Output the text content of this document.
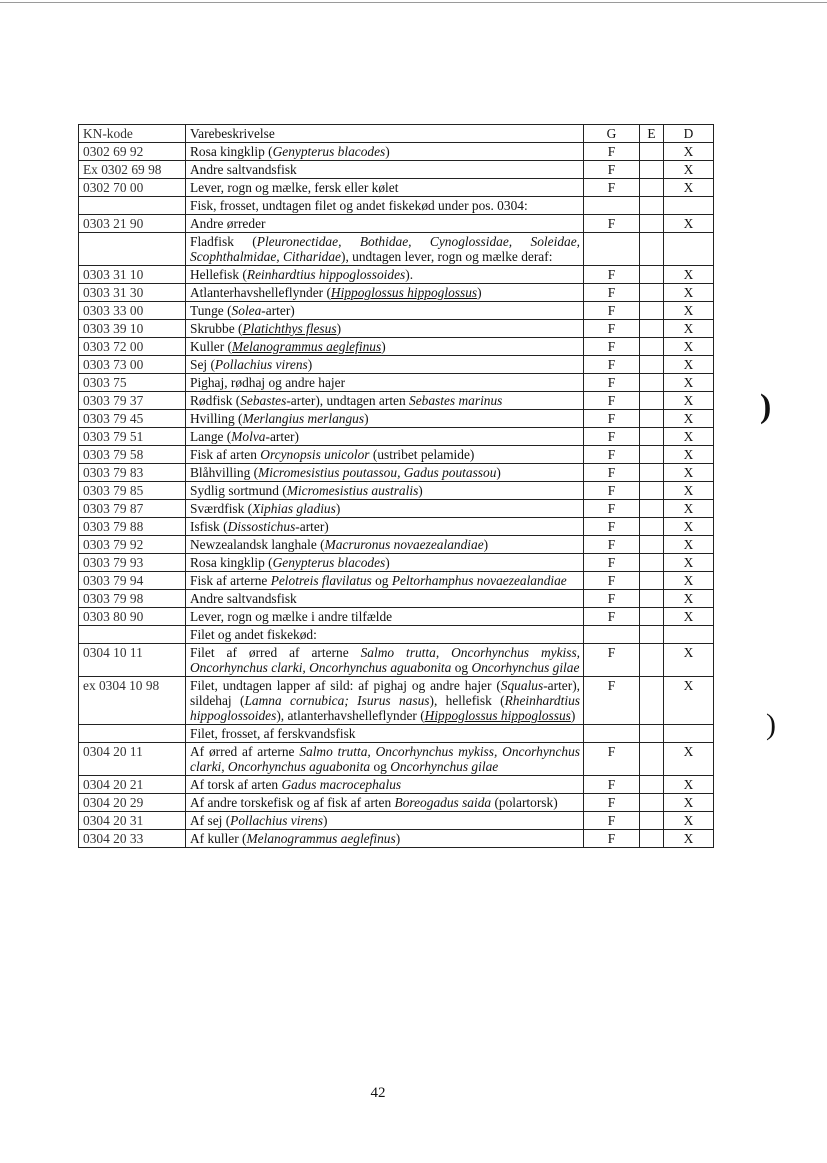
KN-kode	Varebeskrivelse	G	E	D
0302 69 92	Rosa kingklip (Genypterus blacodes)	F		X
Ex 0302 69 98	Andre saltvandsfisk	F		X
0302 70 00	Lever, rogn og mælke, fersk eller kølet	F		X
	Fisk, frosset, undtagen filet og andet fiskekød under pos. 0304:			
0303 21 90	Andre ørreder	F		X
	Fladfisk (Pleuronectidae, Bothidae, Cynoglossidae, Soleidae, Scophthalmidae, Citharidae), undtagen lever, rogn og mælke deraf:			
0303 31 10	Hellefisk (Reinhardtius hippoglossoides).	F		X
0303 31 30	Atlanterhavshelleflynder (Hippoglossus hippoglossus)	F		X
0303 33 00	Tunge (Solea-arter)	F		X
0303 39 10	Skrubbe (Platichthys flesus)	F		X
0303 72 00	Kuller (Melanogrammus aeglefinus)	F		X
0303 73 00	Sej (Pollachius virens)	F		X
0303 75	Pighaj, rødhaj og andre hajer	F		X
0303 79 37	Rødfisk (Sebastes-arter), undtagen arten Sebastes marinus	F		X
0303 79 45	Hvilling (Merlangius merlangus)	F		X
0303 79 51	Lange (Molva-arter)	F		X
0303 79 58	Fisk af arten Orcynopsis unicolor (ustribet pelamide)	F		X
0303 79 83	Blåhvilling (Micromesistius poutassou, Gadus poutassou)	F		X
0303 79 85	Sydlig sortmund (Micromesistius australis)	F		X
0303 79 87	Sværdfisk (Xiphias gladius)	F		X
0303 79 88	Isfisk (Dissostichus-arter)	F		X
0303 79 92	Newzealandsk langhale (Macruronus novaezealandiae)	F		X
0303 79 93	Rosa kingklip (Genypterus blacodes)	F		X
0303 79 94	Fisk af arterne Pelotreis flavilatus og Peltorhamphus novaezealandiae	F		X
0303 79 98	Andre saltvandsfisk	F		X
0303 80 90	Lever, rogn og mælke i andre tilfælde	F		X
	Filet og andet fiskekød:			
0304 10 11	Filet af ørred af arterne Salmo trutta, Oncorhynchus mykiss, Oncorhynchus clarki, Oncorhynchus aguabonita og Oncorhynchus gilae	F		X
ex 0304 10 98	Filet, undtagen lapper af sild: af pighaj og andre hajer (Squalus-arter), sildehaj (Lamna cornubica; Isurus nasus), hellefisk (Rheinhardtius hippoglossoides), atlanterhavshelleflynder (Hippoglossus hippoglossus)	F		X
	Filet, frosset, af ferskvandsfisk			
0304 20 11	Af ørred af arterne Salmo trutta, Oncorhynchus mykiss, Oncorhynchus clarki, Oncorhynchus aguabonita og Oncorhynchus gilae	F		X
0304 20 21	Af torsk af arten Gadus macrocephalus	F		X
0304 20 29	Af andre torskefisk og af fisk af arten Boreogadus saida (polartorsk)	F		X
0304 20 31	Af sej (Pollachius virens)	F		X
0304 20 33	Af kuller (Melanogrammus aeglefinus)	F		X
42
)
)
